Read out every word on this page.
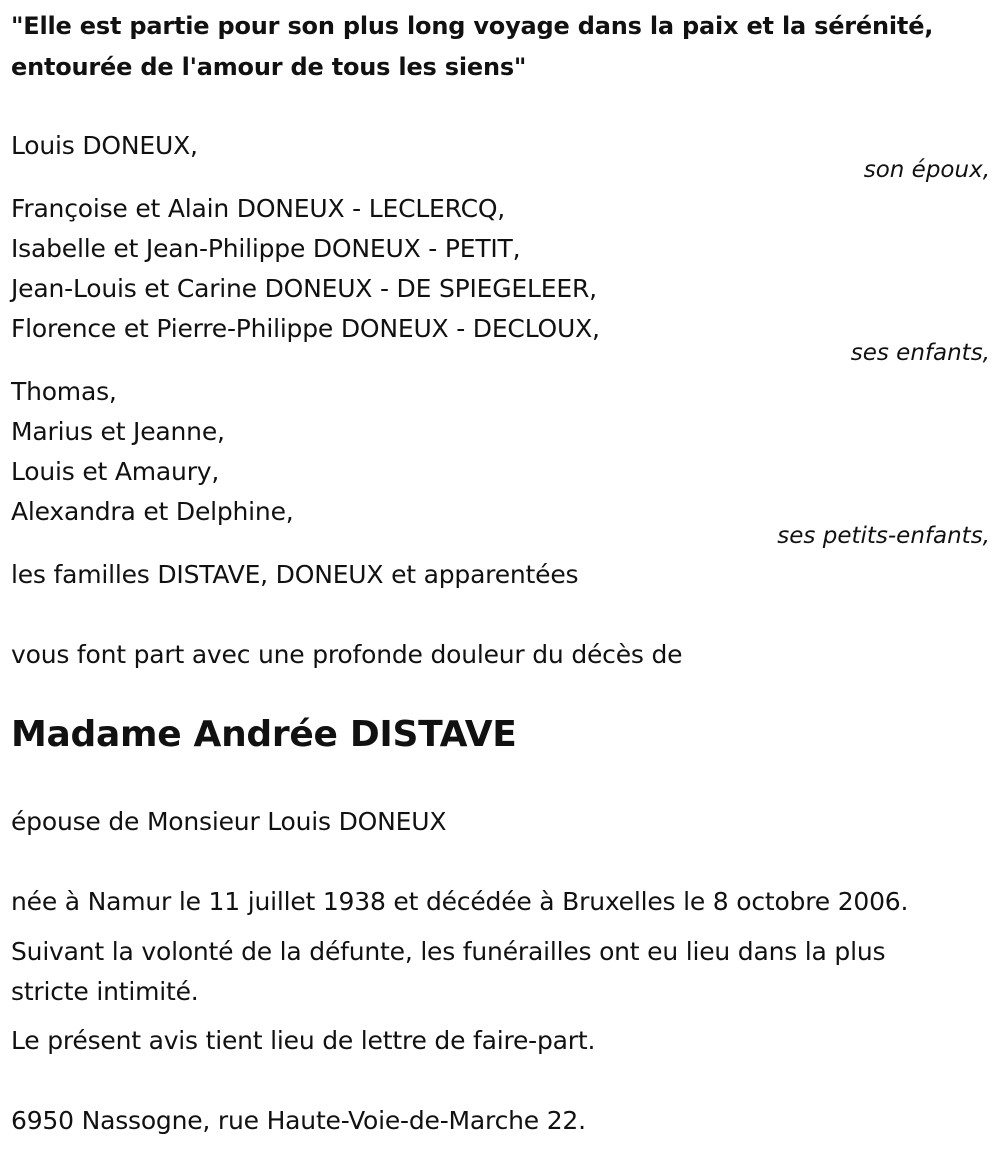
"Elle est partie pour son plus long voyage dans la paix et la sérénité,
entourée de l'amour de tous les siens"
Louis DONEUX,
son époux,
Françoise et Alain DONEUX - LECLERCQ,
Isabelle et Jean-Philippe DONEUX - PETIT,
Jean-Louis et Carine DONEUX - DE SPIEGELEER,
Florence et Pierre-Philippe DONEUX - DECLOUX,
ses enfants,
Thomas,
Marius et Jeanne,
Louis et Amaury,
Alexandra et Delphine,
ses petits-enfants,
les familles DISTAVE, DONEUX et apparentées
vous font part avec une profonde douleur du décès de
Madame Andrée DISTAVE
épouse de Monsieur Louis DONEUX
née à Namur le 11 juillet 1938 et décédée à Bruxelles le 8 octobre 2006.
Suivant la volonté de la défunte, les funérailles ont eu lieu dans la plus
stricte intimité.
Le présent avis tient lieu de lettre de faire-part.
6950 Nassogne, rue Haute-Voie-de-Marche 22.
